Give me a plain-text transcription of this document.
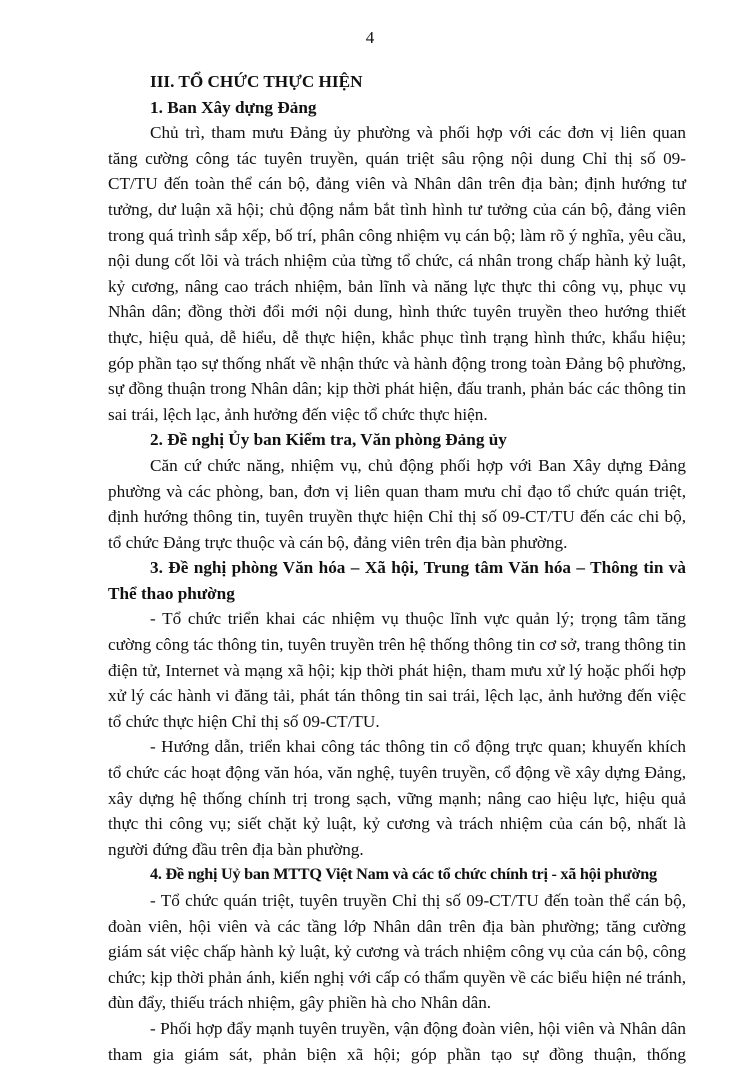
4

III. TỔ CHỨC THỰC HIỆN

1. Ban Xây dựng Đảng

Chủ trì, tham mưu Đảng ủy phường và phối hợp với các đơn vị liên quan tăng cường công tác tuyên truyền, quán triệt sâu rộng nội dung Chỉ thị số 09-CT/TU đến toàn thể cán bộ, đảng viên và Nhân dân trên địa bàn; định hướng tư tưởng, dư luận xã hội; chủ động nắm bắt tình hình tư tưởng của cán bộ, đảng viên trong quá trình sắp xếp, bố trí, phân công nhiệm vụ cán bộ; làm rõ ý nghĩa, yêu cầu, nội dung cốt lõi và trách nhiệm của từng tổ chức, cá nhân trong chấp hành kỷ luật, kỷ cương, nâng cao trách nhiệm, bản lĩnh và năng lực thực thi công vụ, phục vụ Nhân dân; đồng thời đổi mới nội dung, hình thức tuyên truyền theo hướng thiết thực, hiệu quả, dễ hiểu, dễ thực hiện, khắc phục tình trạng hình thức, khẩu hiệu; góp phần tạo sự thống nhất về nhận thức và hành động trong toàn Đảng bộ phường, sự đồng thuận trong Nhân dân; kịp thời phát hiện, đấu tranh, phản bác các thông tin sai trái, lệch lạc, ảnh hưởng đến việc tổ chức thực hiện.

2. Đề nghị Ủy ban Kiểm tra, Văn phòng Đảng ủy

Căn cứ chức năng, nhiệm vụ, chủ động phối hợp với Ban Xây dựng Đảng phường và các phòng, ban, đơn vị liên quan tham mưu chỉ đạo tổ chức quán triệt, định hướng thông tin, tuyên truyền thực hiện Chỉ thị số 09-CT/TU đến các chi bộ, tổ chức Đảng trực thuộc và cán bộ, đảng viên trên địa bàn phường.

3. Đề nghị phòng Văn hóa – Xã hội, Trung tâm Văn hóa – Thông tin và Thể thao phường

- Tổ chức triển khai các nhiệm vụ thuộc lĩnh vực quản lý; trọng tâm tăng cường công tác thông tin, tuyên truyền trên hệ thống thông tin cơ sở, trang thông tin điện tử, Internet và mạng xã hội; kịp thời phát hiện, tham mưu xử lý hoặc phối hợp xử lý các hành vi đăng tải, phát tán thông tin sai trái, lệch lạc, ảnh hưởng đến việc tổ chức thực hiện Chỉ thị số 09-CT/TU.

- Hướng dẫn, triển khai công tác thông tin cổ động trực quan; khuyến khích tổ chức các hoạt động văn hóa, văn nghệ, tuyên truyền, cổ động về xây dựng Đảng, xây dựng hệ thống chính trị trong sạch, vững mạnh; nâng cao hiệu lực, hiệu quả thực thi công vụ; siết chặt kỷ luật, kỷ cương và trách nhiệm của cán bộ, nhất là người đứng đầu trên địa bàn phường.

4. Đề nghị Uỷ ban MTTQ Việt Nam và các tổ chức chính trị - xã hội phường

- Tổ chức quán triệt, tuyên truyền Chỉ thị số 09-CT/TU đến toàn thể cán bộ, đoàn viên, hội viên và các tầng lớp Nhân dân trên địa bàn phường; tăng cường giám sát việc chấp hành kỷ luật, kỷ cương và trách nhiệm công vụ của cán bộ, công chức; kịp thời phản ánh, kiến nghị với cấp có thẩm quyền về các biểu hiện né tránh, đùn đẩy, thiếu trách nhiệm, gây phiền hà cho Nhân dân.

- Phối hợp đẩy mạnh tuyên truyền, vận động đoàn viên, hội viên và Nhân dân tham gia giám sát, phản biện xã hội; góp phần tạo sự đồng thuận, thống
